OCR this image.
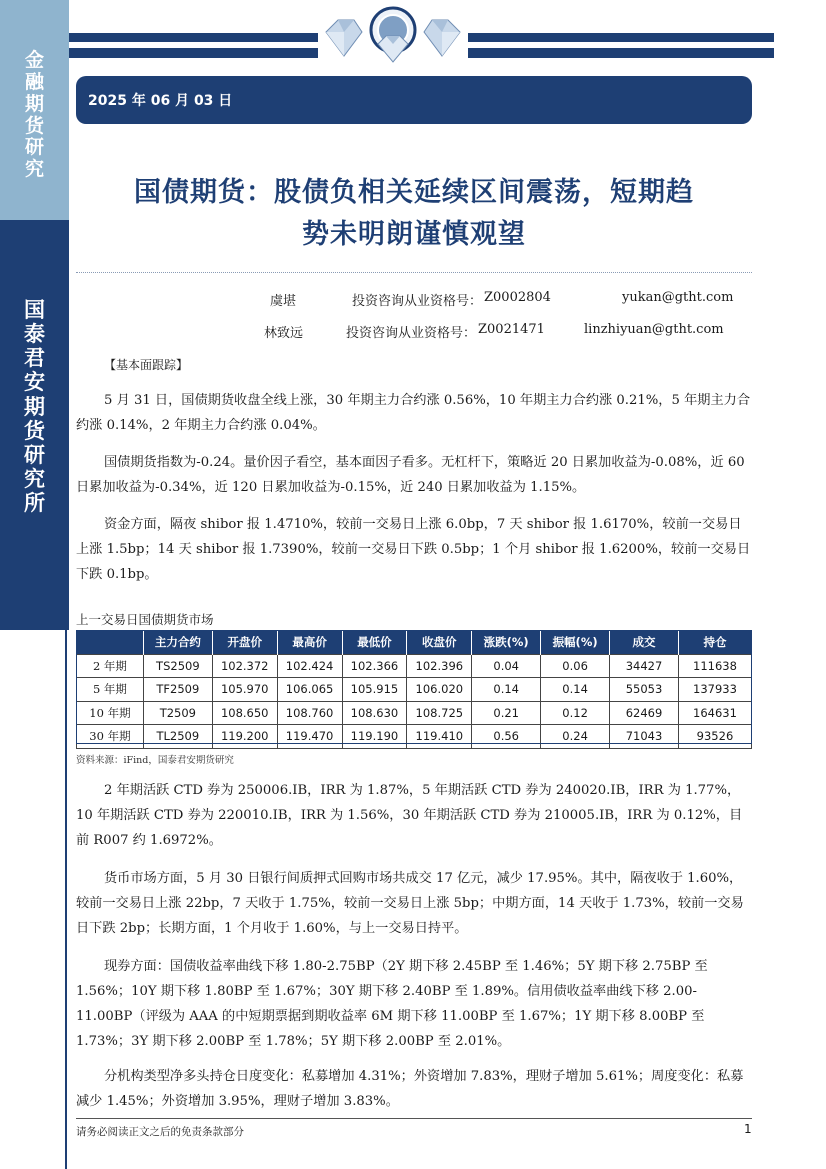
金
融
期
货
研
究
国
泰
君
安
期
货
研
究
所
2025 年 06 月 03 日
国债期货：股债负相关延续区间震荡，短期趋
势未明朗谨慎观望
虞堪	投资咨询从业资格号： Z0002804	yukan@gtht.com
林致远	投资咨询从业资格号： Z0021471	linzhiyuan@gtht.com
【基本面跟踪】
5 月 31 日，国债期货收盘全线上涨，30 年期主力合约涨 0.56%，10 年期主力合约涨 0.21%，5 年期主力合约涨 0.14%，2 年期主力合约涨 0.04%。
国债期货指数为-0.24。量价因子看空，基本面因子看多。无杠杆下，策略近 20 日累加收益为-0.08%，近 60 日累加收益为-0.34%，近 120 日累加收益为-0.15%，近 240 日累加收益为 1.15%。
资金方面，隔夜 shibor 报 1.4710%，较前一交易日上涨 6.0bp，7 天 shibor 报 1.6170%，较前一交易日上涨 1.5bp；14 天 shibor 报 1.7390%，较前一交易日下跌 0.5bp；1 个月 shibor 报 1.6200%，较前一交易日下跌 0.1bp。
上一交易日国债期货市场
	主力合约	开盘价	最高价	最低价	收盘价	涨跌(%)	振幅(%)	成交	持仓
2 年期	TS2509	102.372	102.424	102.366	102.396	0.04	0.06	34427	111638
5 年期	TF2509	105.970	106.065	105.915	106.020	0.14	0.14	55053	137933
10 年期	T2509	108.650	108.760	108.630	108.725	0.21	0.12	62469	164631
30 年期	TL2509	119.200	119.470	119.190	119.410	0.56	0.24	71043	93526
资料来源：iFind，国泰君安期货研究
2 年期活跃 CTD 券为 250006.IB，IRR 为 1.87%，5 年期活跃 CTD 券为 240020.IB，IRR 为 1.77%，10 年期活跃 CTD 券为 220010.IB，IRR 为 1.56%，30 年期活跃 CTD 券为 210005.IB，IRR 为 0.12%，目前 R007 约 1.6972%。
货币市场方面，5 月 30 日银行间质押式回购市场共成交 17 亿元，减少 17.95%。其中，隔夜收于 1.60%，较前一交易日上涨 22bp，7 天收于 1.75%，较前一交易日上涨 5bp；中期方面，14 天收于 1.73%，较前一交易日下跌 2bp；长期方面，1 个月收于 1.60%，与上一交易日持平。
现券方面：国债收益率曲线下移 1.80-2.75BP（2Y 期下移 2.45BP 至 1.46%；5Y 期下移 2.75BP 至 1.56%；10Y 期下移 1.80BP 至 1.67%；30Y 期下移 2.40BP 至 1.89%。信用债收益率曲线下移 2.00-11.00BP（评级为 AAA 的中短期票据到期收益率 6M 期下移 11.00BP 至 1.67%；1Y 期下移 8.00BP 至 1.73%；3Y 期下移 2.00BP 至 1.78%；5Y 期下移 2.00BP 至 2.01%。
分机构类型净多头持仓日度变化：私募增加 4.31%；外资增加 7.83%，理财子增加 5.61%；周度变化：私募减少 1.45%；外资增加 3.95%，理财子增加 3.83%。
请务必阅读正文之后的免责条款部分	1
